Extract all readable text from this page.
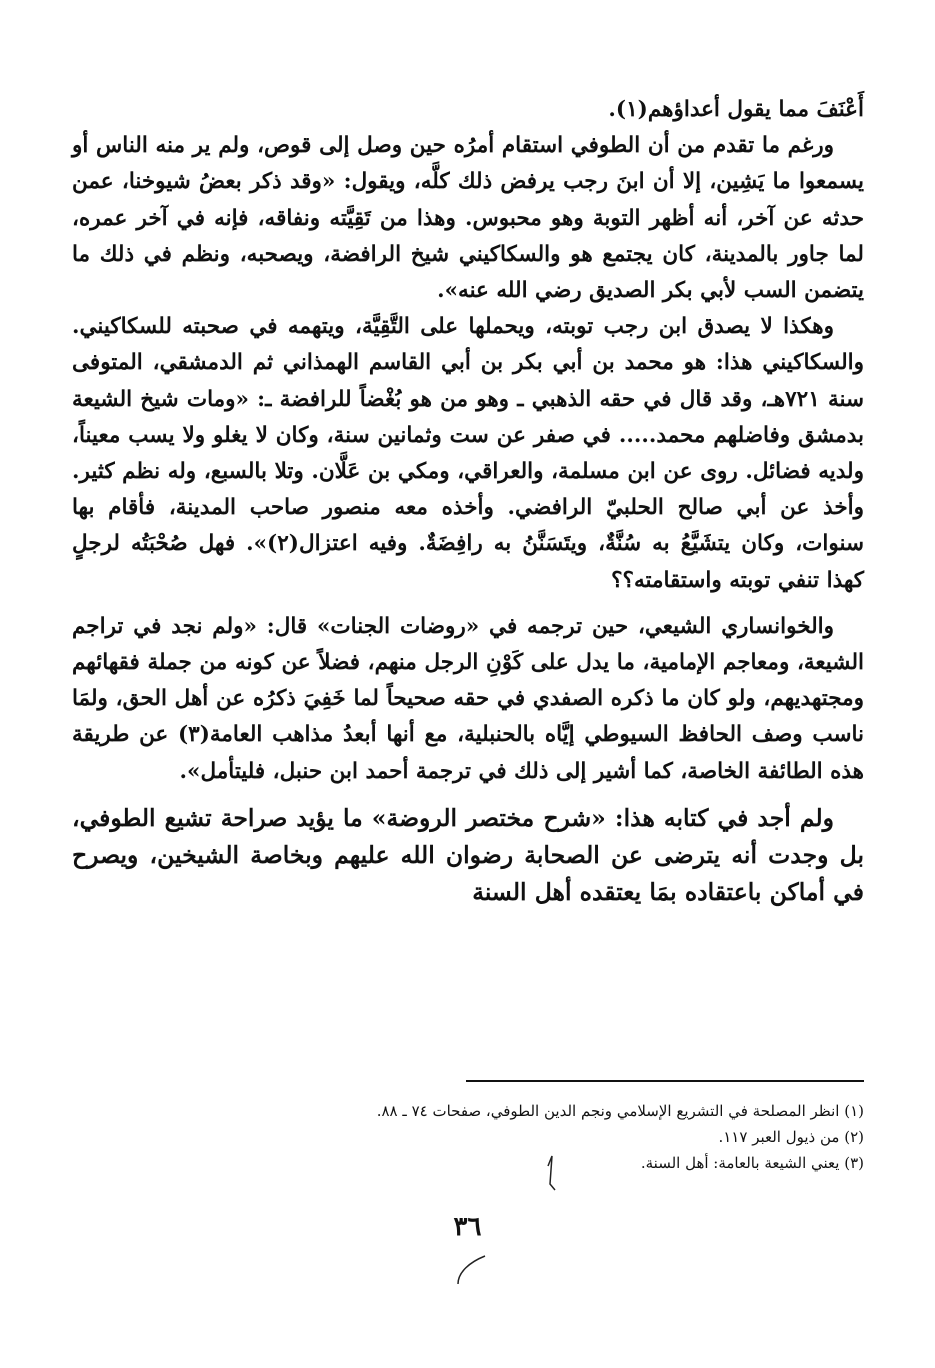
أَعْنَفَ مما يقول أعداؤهم(١).

ورغم ما تقدم من أن الطوفي استقام أمرُه حين وصل إلى قوص، ولم ير منه الناس أو يسمعوا ما يَشِين، إلا أن ابنَ رجب يرفض ذلك كلَّه، ويقول: «وقد ذكر بعضُ شيوخنا، عمن حدثه عن آخر، أنه أظهر التوبة وهو محبوس. وهذا من تَقِيَّته ونفاقه، فإنه في آخر عمره، لما جاور بالمدينة، كان يجتمع هو والسكاكيني شيخ الرافضة، ويصحبه، ونظم في ذلك ما يتضمن السب لأبي بكر الصديق رضي الله عنه».

وهكذا لا يصدق ابن رجب توبته، ويحملها على التَّقِيَّة، ويتهمه في صحبته للسكاكيني. والسكاكيني هذا: هو محمد بن أبي بكر بن أبي القاسم الهمذاني ثم الدمشقي، المتوفى سنة ٧٢١هـ، وقد قال في حقه الذهبي ـ وهو من هو بُغْضاً للرافضة ـ: «ومات شيخ الشيعة بدمشق وفاضلهم محمد..... في صفر عن ست وثمانين سنة، وكان لا يغلو ولا يسب معيناً، ولديه فضائل. روى عن ابن مسلمة، والعراقي، ومكي بن عَلَّان. وتلا بالسبع، وله نظم كثير. وأخذ عن أبي صالح الحلبيّ الرافضي. وأخذه معه منصور صاحب المدينة، فأقام بها سنوات، وكان يتشَيَّعُ به سُنَّةٌ، ويتَسَنَّنُ به رافِضَةٌ. وفيه اعتزال(٢)». فهل صُحْبَتُه لرجلٍ كهذا تنفي توبته واستقامته؟؟

والخوانساري الشيعي، حين ترجمه في «روضات الجنات» قال: «ولم نجد في تراجم الشيعة، ومعاجم الإمامية، ما يدل على كَوْنِ الرجل منهم، فضلاً عن كونه من جملة فقهائهم ومجتهديهم، ولو كان ما ذكره الصفدي في حقه صحيحاً لما خَفِيَ ذكرُه عن أهل الحق، ولمَا ناسب وصف الحافظ السيوطي إيَّاه بالحنبلية، مع أنها أبعدُ مذاهب العامة(٣) عن طريقة هذه الطائفة الخاصة، كما أشير إلى ذلك في ترجمة أحمد ابن حنبل، فليتأمل».

ولم أجد في كتابه هذا: «شرح مختصر الروضة» ما يؤيد صراحة تشيع الطوفي، بل وجدت أنه يترضى عن الصحابة رضوان الله عليهم وبخاصة الشيخين، ويصرح في أماكن باعتقاده بمَا يعتقده أهل السنة

(١) انظر المصلحة في التشريع الإسلامي ونجم الدين الطوفي، صفحات ٧٤ ـ ٨٨.

(٢) من ذيول العبر ١١٧.

(٣) يعني الشيعة بالعامة: أهل السنة.

٣٦
